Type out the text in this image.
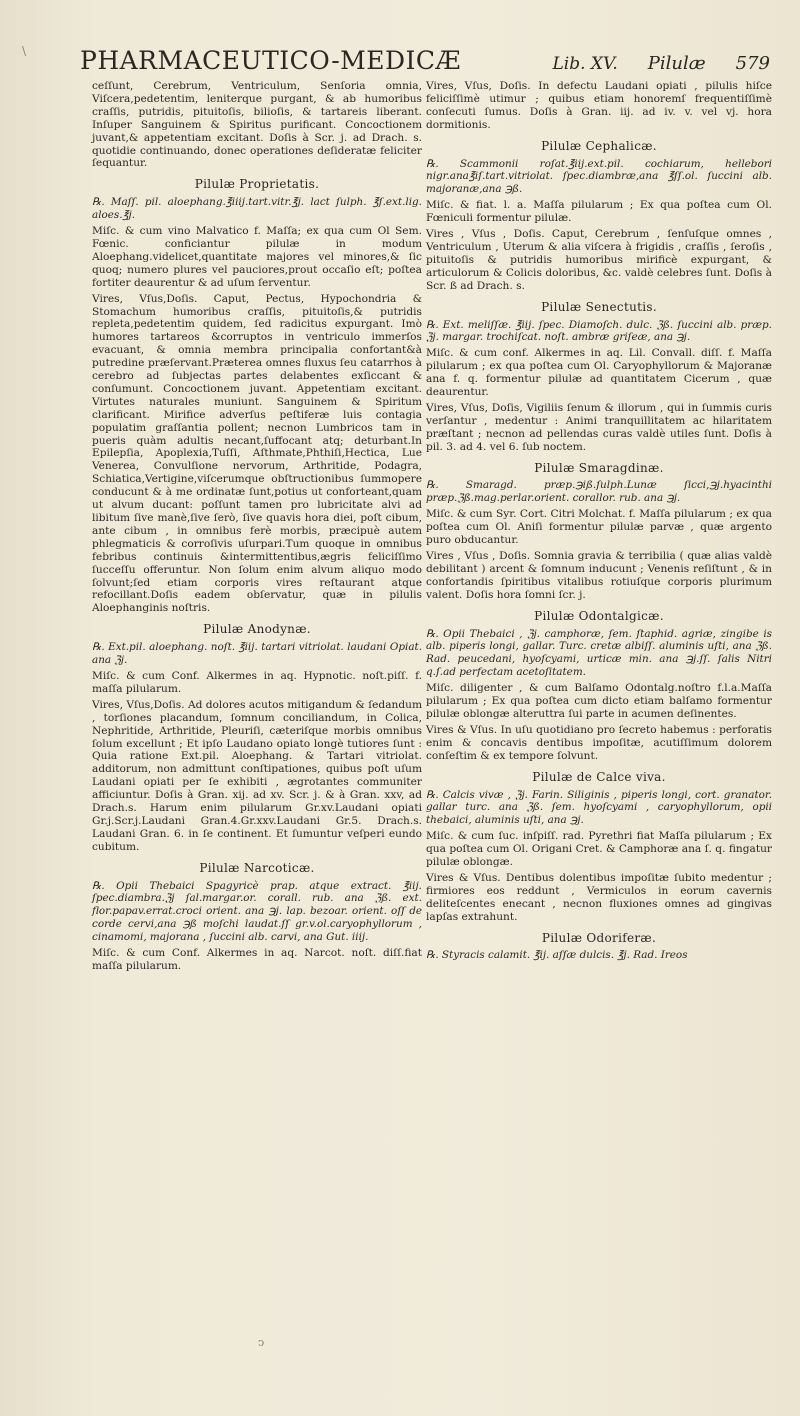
\ PHARMACEUTICO-MEDICÆ	Lib. XV. Pilulæ 579

ceſſunt, Cerebrum, Ventriculum, Senſoria omnia, Viſcera,pedetentim, leniterque purgant, & ab humoribus craſſis, putridis, pituitoſis, bilioſis, & tartareis liberant. Inſuper Sanguinem & Spiritus purificant. Concoctionem juvant,& appetentiam excitant. Doſis à Scr. j. ad Drach. s. quotidie continuando, donec operationes deſideratæ feliciter ſequantur.

Pilulæ Proprietatis.

℞. Maſſ. pil. aloephang.℥iiij.tart.vitr.℥j. lact ſulph. ℥ſ.ext.lig. aloes.℥j.

Miſc. & cum vino Malvatico f. Maſſa; ex qua cum Ol Sem. Fœnic. conficiantur pilulæ in modum Aloephang.videlicet,quantitate majores vel minores,& ſic quoq; numero plures vel pauciores,prout occaſio eſt; poſtea fortiter deaurentur & ad uſum ſerventur.

Vires, Vſus,Doſis. Caput, Pectus, Hypochondria & Stomachum humoribus craſſis, pituitoſis,& putridis repleta,pedetentim quidem, ſed radicitus expurgant. Imò humores tartareos &corruptos in ventriculo immerſos evacuant, & omnia membra principalia confortant&à putredine præſervant.Præterea omnes fluxus ſeu catarrhos à cerebro ad ſubjectas partes delabentes exſiccant & conſumunt. Concoctionem juvant. Appetentiam excitant. Virtutes naturales muniunt. Sanguinem & Spiritum clarificant. Mirifice adverſus peſtiferæ luis contagia populatim graſſantia pollent; necnon Lumbricos tam in pueris quàm adultis necant,ſuffocant atq; deturbant.In Epilepſia, Apoplexia,Tuſſi, Aſthmate,Phthiſi,Hectica, Lue Venerea, Convulſione nervorum, Arthritide, Podagra, Schiatica,Vertigine,viſcerumque obſtructionibus ſummopere conducunt & à me ordinatæ ſunt,potius ut conforteant,quam ut alvum ducant: poſſunt tamen pro lubricitate alvi ad libitum ſive manè,ſive ſerò, ſive quavis hora diei, poſt cibum, ante cibum , in omnibus ferè morbis, præcipuè autem phlegmaticis & corroſivis uſurpari.Tum quoque in omnibus febribus continuis &intermittentibus,ægris feliciſſimo ſucceſſu offeruntur. Non ſolum enim alvum aliquo modo ſolvunt;ſed etiam corporis vires reſtaurant atque refocillant.Doſis eadem obſervatur, quæ in pilulis Aloephanginis noſtris.

Pilulæ Anodynæ.

℞. Ext.pil. aloephang. noſt. ℥iij. tartari vitriolat. laudani Opiat. ana ℨj.

Miſc. & cum Conf. Alkermes in aq. Hypnotic. noſt.piſſ. f. maſſa pilularum.

Vires, Vſus,Doſis. Ad dolores acutos mitigandum & ſedandum , torſiones placandum, ſomnum conciliandum, in Colica, Nephritide, Arthritide, Pleuriſi, cæteriſque morbis omnibus ſolum excellunt ; Et ipſo Laudano opiato longè tutiores ſunt : Quia ratione Ext.pil. Aloephang. & Tartari vitriolat. additorum, non admittunt conſtipationes, quibus poſt uſum Laudani opiati per ſe exhibiti , ægrotantes communiter afficiuntur. Doſis à Gran. xij. ad xv. Scr. j. & à Gran. xxv, ad Drach.s. Harum enim pilularum Gr.xv.Laudani opiati Gr.j.Scr.j.Laudani Gran.4.Gr.xxv.Laudani Gr.5. Drach.s. Laudani Gran. 6. in ſe continent. Et ſumuntur veſperi eundo cubitum.

Pilulæ Narcoticæ.

℞. Opii Thebaici Spagyricè prap. atque extract. ℥iij. ſpec.diambra.ℨj ſal.margar.or. corall. rub. ana ℨß. ext. flor.papav.errat.croci orient. ana ℈j. lap. bezoar. orient. oſſ de corde cervi,ana ℈ß moſchi laudat.ſſ gr.v.ol.caryophyllorum , cinamomi, majorana , ſuccini alb. carvi, ana Gut. iiij.

Miſc. & cum Conf. Alkermes in aq. Narcot. noſt. diſſ.fiat maſſa pilularum.

Vires, Vſus, Doſis. In defectu Laudani opiati , pilulis hiſce feliciſſimè utimur ; quibus etiam honoremſ frequentiſſimè conſecuti ſumus. Doſis à Gran. iij. ad iv. v. vel vj. hora dormitionis.

Pilulæ Cephalicæ.

℞. Scammonii roſat.℥iij.ext.pil. cochiarum, hellebori nigr.ana℥iſ.tart.vitriolat. ſpec.diambræ,ana ℥ſſ.ol. ſuccini alb. majoranæ,ana ℈ß.

Miſc. & fiat. l. a. Maſſa pilularum ; Ex qua poſtea cum Ol. Fœniculi formentur pilulæ.

Vires , Vſus , Doſis. Caput, Cerebrum , ſenſuſque omnes , Ventriculum , Uterum & alia viſcera à frigidis , craſſis , ſeroſis , pituitoſis & putridis humoribus mirificè expurgant, & articulorum & Colicis doloribus, &c. valdè celebres ſunt. Doſis à Scr. ß ad Drach. s.

Pilulæ Senectutis.

℞. Ext. meliſſæ. ℥iij. ſpec. Diamoſch. dulc. ℨß. ſuccini alb. præp. ℨj. margar. trochiſcat. noſt. ambræ griſeæ, ana ℈j.

Miſc. & cum conf. Alkermes in aq. Lil. Convall. diſſ. f. Maſſa pilularum ; ex qua poſtea cum Ol. Caryophyllorum & Majoranæ ana f. q. formentur pilulæ ad quantitatem Cicerum , quæ deaurentur.

Vires, Vſus, Doſis, Vigiliis ſenum & illorum , qui in ſummis curis verſantur , medentur : Animi tranquillitatem ac hilaritatem præſtant ; necnon ad pellendas curas valdè utiles ſunt. Doſis à pil. 3. ad 4. vel 6. ſub noctem.

Pilulæ Smaragdinæ.

℞. Smaragd. præp.℈iß.ſulph.Lunæ ſicci,℈j.hyacinthi præp.ℨß.mag.perlar.orient. corallor. rub. ana ℈j.

Miſc. & cum Syr. Cort. Citri Molchat. f. Maſſa pilularum ; ex qua poſtea cum Ol. Aniſi formentur pilulæ parvæ , quæ argento puro obducantur.

Vires , Vſus , Doſis. Somnia gravia & terribilia ( quæ alias valdè debilitant ) arcent & ſomnum inducunt ; Venenis reſiſtunt , & in confortandis ſpiritibus vitalibus rotiuſque corporis plurimum valent. Doſis hora ſomni ſcr. j.

Pilulæ Odontalgicæ.

℞. Opii Thebaici , ℨj. camphoræ, ſem. ſtaphid. agriæ, zingibe is alb. piperis longi, gallar. Turc. cretæ albiſſ. aluminis uſti, ana ℨß. Rad. peucedani, hyoſcyami, urticæ min. ana ℈j.ſſ. ſalis Nitri q.ſ.ad perfectam acetoſitatem.

Miſc. diligenter , & cum Balſamo Odontalg.noſtro f.l.a.Maſſa pilularum ; Ex qua poſtea cum dicto etiam balſamo formentur pilulæ oblongæ alteruttra ſui parte in acumen deſinentes.

Vires & Vſus. In uſu quotidiano pro ſecreto habemus : perforatis enim & concavis dentibus impoſitæ, acutiſſimum dolorem conſeſtim & ex tempore ſolvunt.

Pilulæ de Calce viva.

℞. Calcis vivæ , ℨj. Farin. Siliginis , piperis longi, cort. granator. gallar turc. ana ℨß. ſem. hyoſcyami , caryophyllorum, opii thebaici, aluminis uſti, ana ℈j.

Miſc. & cum ſuc. inſpiſſ. rad. Pyrethri fiat Maſſa pilularum ; Ex qua poſtea cum Ol. Origani Cret. & Camphoræ ana ſ. q. fingatur pilulæ oblongæ.

Vires & Vſus. Dentibus dolentibus impoſitæ ſubito medentur ; firmiores eos reddunt , Vermiculos in eorum cavernis deliteſcentes enecant , necnon fluxiones omnes ad gingivas lapſas extrahunt.

Pilulæ Odoriferæ.

℞. Styracis calamit. ℥ij. aſſæ dulcis. ℥j. Rad. Ireos

ↄ
